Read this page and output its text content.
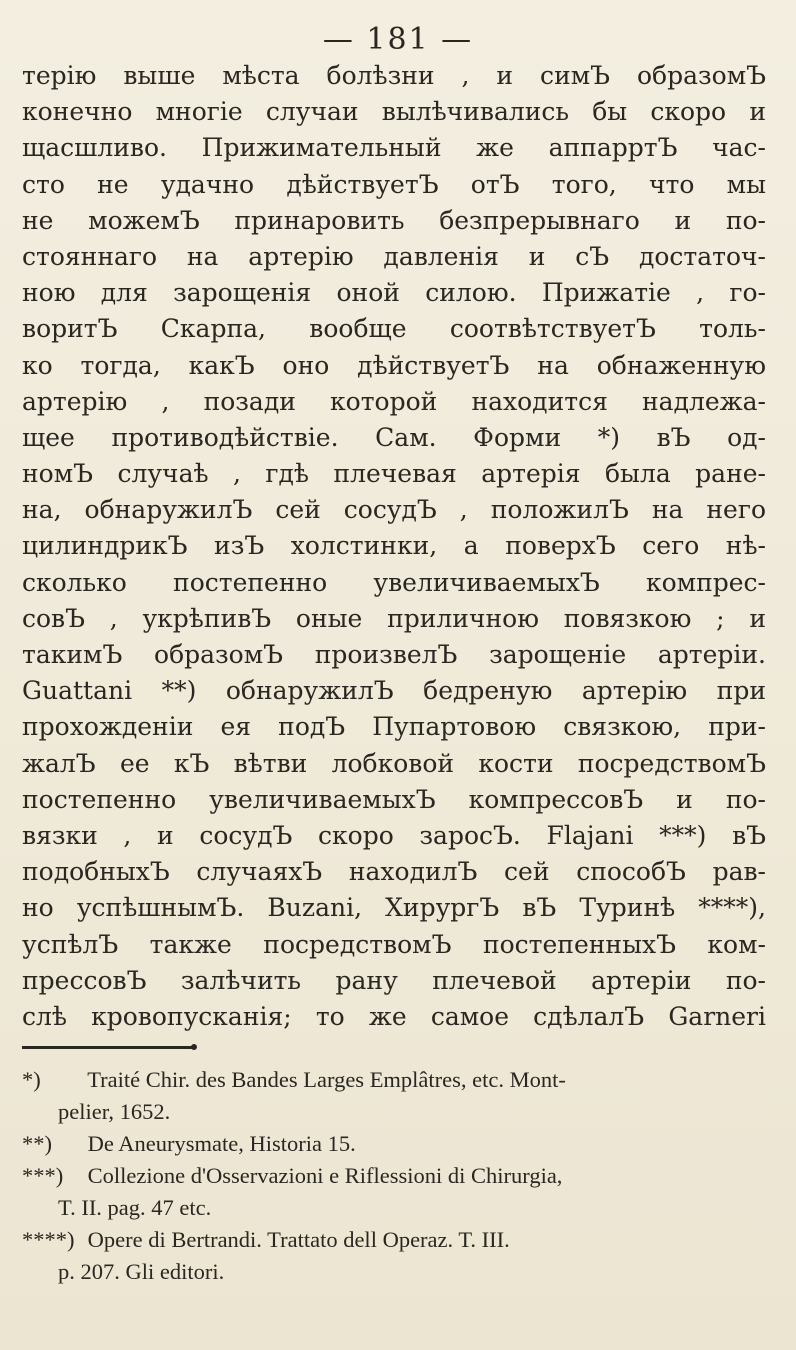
— 181 —
терію выше мѣста болѣзни , и симЪ образомЪ
конечно многіе случаи вылѣчивались бы скоро и
щасшливо. Прижимательный же аппарртЪ час-
сто не удачно дѣйствуетЪ отЪ того, что мы
не можемЪ принаровить безпрерывнаго и по-
стояннаго на артерію давленія и сЪ достаточ-
ною для зарощенія оной силою. Прижатіе , го-
воритЪ Скарпа, вообще соотвѣтствуетЪ толь-
ко тогда, какЪ оно дѣйствуетЪ на обнаженную
артерію , позади которой находится надлежа-
щее противодѣйствіе. Сам. Форми *) вЪ од-
номЪ случаѣ , гдѣ плечевая артерія была ране-
на, обнаружилЪ сей сосудЪ , положилЪ на него
цилиндрикЪ изЪ холстинки, а поверхЪ сего нѣ-
сколько постепенно увеличиваемыхЪ компрес-
совЪ , укрѣпивЪ оные приличною повязкою ; и
такимЪ образомЪ произвелЪ зарощеніе артеріи.
Guattani **) обнаружилЪ бедреную артерію при
прохожденіи ея подЪ Пупартовою связкою, при-
жалЪ ее кЪ вѣтви лобковой кости посредствомЪ
постепенно увеличиваемыхЪ компрессовЪ и по-
вязки , и сосудЪ скоро заросЪ. Flajani ***) вЪ
подобныхЪ случаяхЪ находилЪ сей способЪ рав-
но успѣшнымЪ. Buzani, ХирургЪ вЪ Туринѣ ****),
успѣлЪ также посредствомЪ постепенныхЪ ком-
прессовЪ залѣчить рану плечевой артеріи по-
слѣ кровопусканія; то же самое сдѣлалЪ Garneri
*) Traité Chir. des Bandes Larges Emplâtres, etc. Mont-
pelier, 1652.
**) De Aneurysmate, Historia 15.
***) Collezione d'Osservazioni e Riflessioni di Chirurgia,
T. II. pag. 47 etc.
****) Opere di Bertrandi. Trattato dell Operaz. T. III.
p. 207. Gli editori.
